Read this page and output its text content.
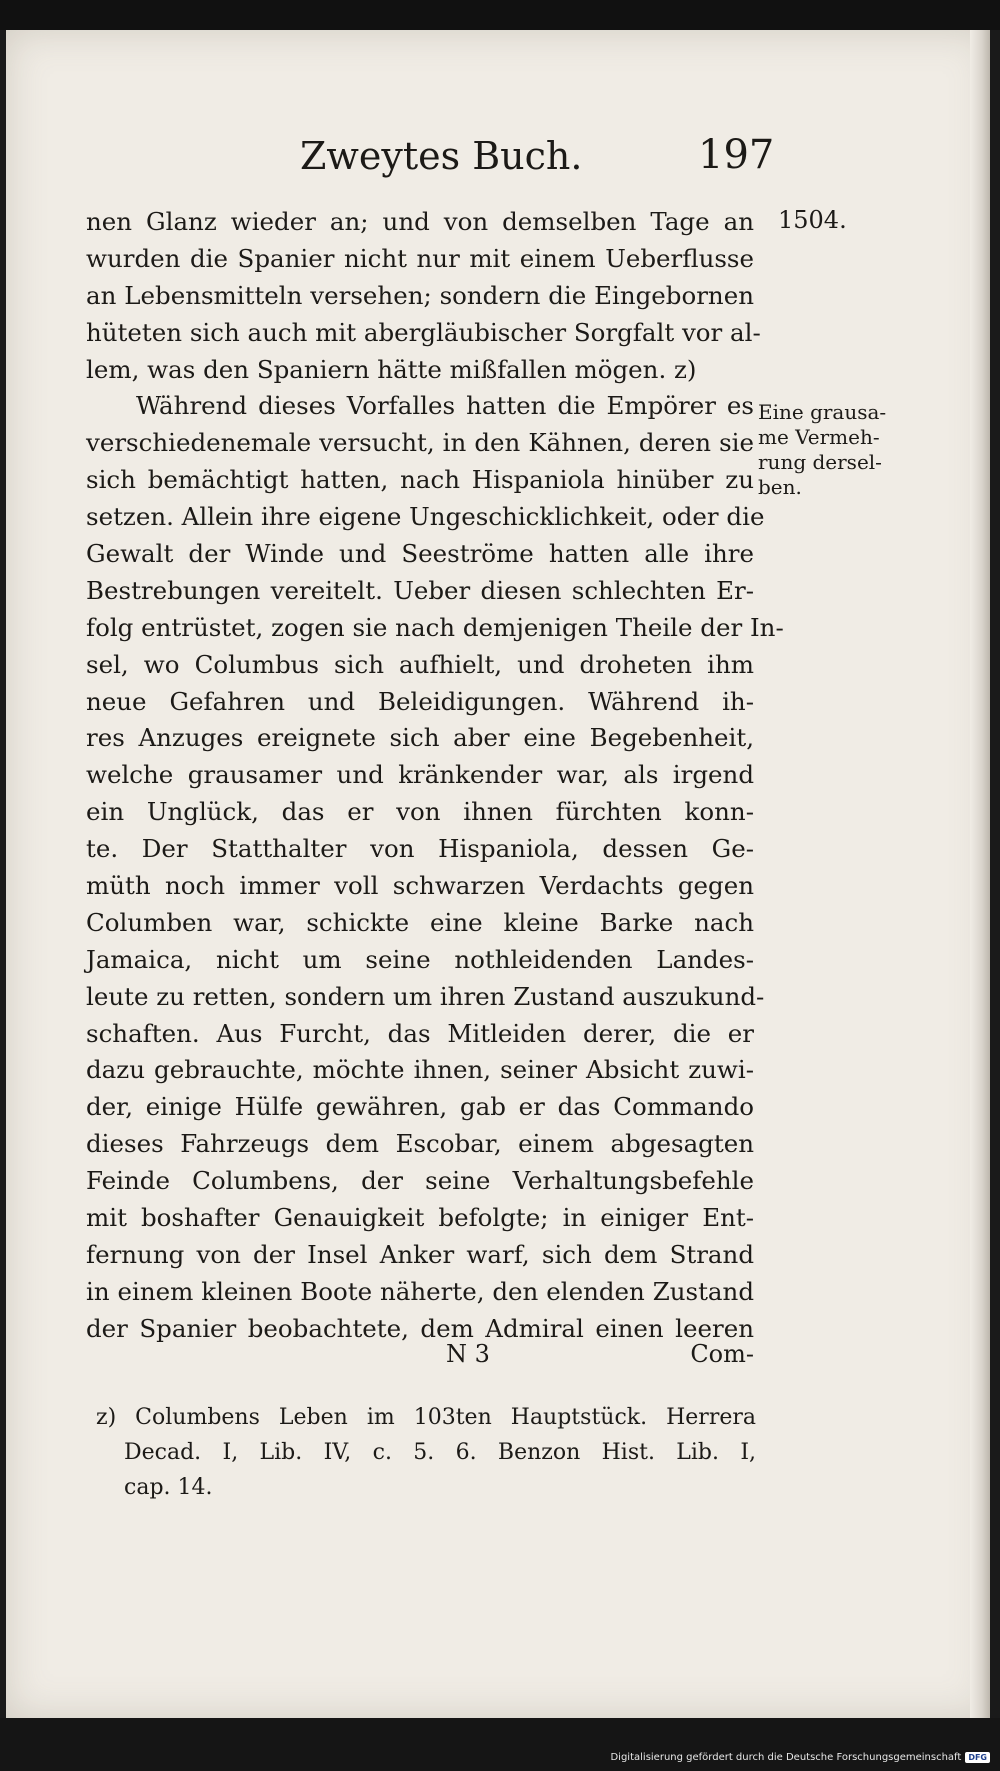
Zweytes Buch.	197
1504.
Eine grausa-
me Vermeh-
rung dersel-
ben.
nen Glanz wieder an; und von demselben Tage an
wurden die Spanier nicht nur mit einem Ueberflusse
an Lebensmitteln versehen; sondern die Eingebornen
hüteten sich auch mit abergläubischer Sorgfalt vor al-
lem, was den Spaniern hätte mißfallen mögen. z)
Während dieses Vorfalles hatten die Empörer es
verschiedenemale versucht, in den Kähnen, deren sie
sich bemächtigt hatten, nach Hispaniola hinüber zu
setzen. Allein ihre eigene Ungeschicklichkeit, oder die
Gewalt der Winde und Seeströme hatten alle ihre
Bestrebungen vereitelt. Ueber diesen schlechten Er-
folg entrüstet, zogen sie nach demjenigen Theile der In-
sel, wo Columbus sich aufhielt, und droheten ihm
neue Gefahren und Beleidigungen. Während ih-
res Anzuges ereignete sich aber eine Begebenheit,
welche grausamer und kränkender war, als irgend
ein Unglück, das er von ihnen fürchten konn-
te. Der Statthalter von Hispaniola, dessen Ge-
müth noch immer voll schwarzen Verdachts gegen
Columben war, schickte eine kleine Barke nach
Jamaica, nicht um seine nothleidenden Landes-
leute zu retten, sondern um ihren Zustand auszukund-
schaften. Aus Furcht, das Mitleiden derer, die er
dazu gebrauchte, möchte ihnen, seiner Absicht zuwi-
der, einige Hülfe gewähren, gab er das Commando
dieses Fahrzeugs dem Escobar, einem abgesagten
Feinde Columbens, der seine Verhaltungsbefehle
mit boshafter Genauigkeit befolgte; in einiger Ent-
fernung von der Insel Anker warf, sich dem Strand
in einem kleinen Boote näherte, den elenden Zustand
der Spanier beobachtete, dem Admiral einen leeren
N 3	Com-
z) Columbens Leben im 103ten Hauptstück. Herrera
Decad. I, Lib. IV, c. 5. 6. Benzon Hist. Lib. I,
cap. 14.
Digitalisierung gefördert durch die Deutsche Forschungsgemeinschaft DFG
